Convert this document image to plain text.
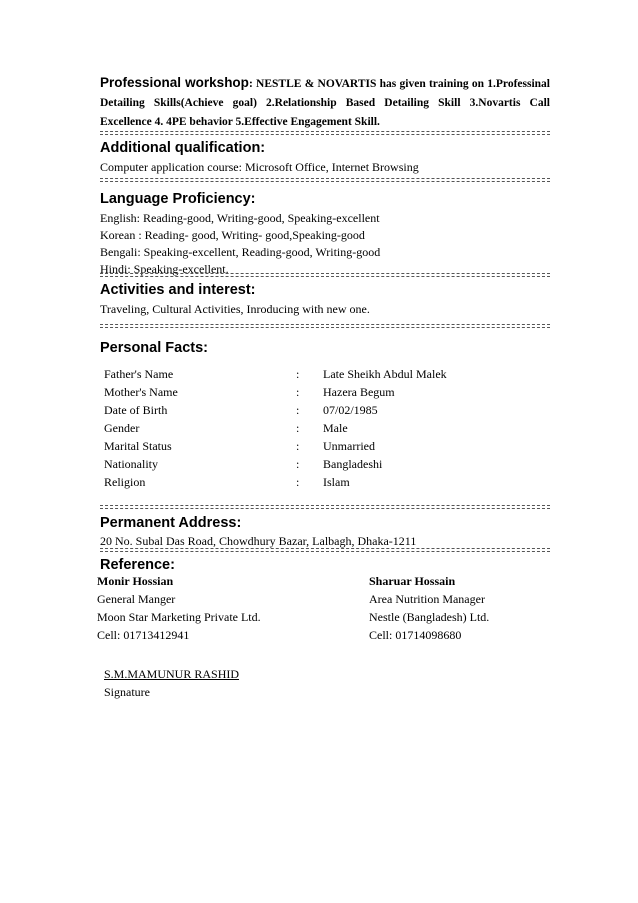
Professional workshop: NESTLE & NOVARTIS has given training on 1.Professinal Detailing Skills(Achieve goal) 2.Relationship Based Detailing Skill 3.Novartis Call Excellence 4. 4PE behavior 5.Effective Engagement Skill.
Additional qualification:
Computer application course: Microsoft Office, Internet Browsing
Language Proficiency:
English: Reading-good, Writing-good, Speaking-excellent
Korean : Reading- good, Writing- good,Speaking-good
Bengali: Speaking-excellent, Reading-good, Writing-good
Hindi: Speaking-excellent.
Activities and interest:
Traveling, Cultural Activities, Inroducing with new one.
Personal Facts:
Father's Name	: Late Sheikh Abdul Malek
Mother's Name	: Hazera Begum
Date of Birth	: 07/02/1985
Gender	: Male
Marital Status	: Unmarried
Nationality	: Bangladeshi
Religion	: Islam
Permanent Address:
20 No. Subal Das Road, Chowdhury Bazar, Lalbagh, Dhaka-1211
Reference:
Monir Hossian
General Manger
Moon Star Marketing Private Ltd.
Cell: 01713412941
Sharuar Hossain
Area Nutrition Manager
Nestle (Bangladesh) Ltd.
Cell: 01714098680
S.M.MAMUNUR RASHID
Signature
